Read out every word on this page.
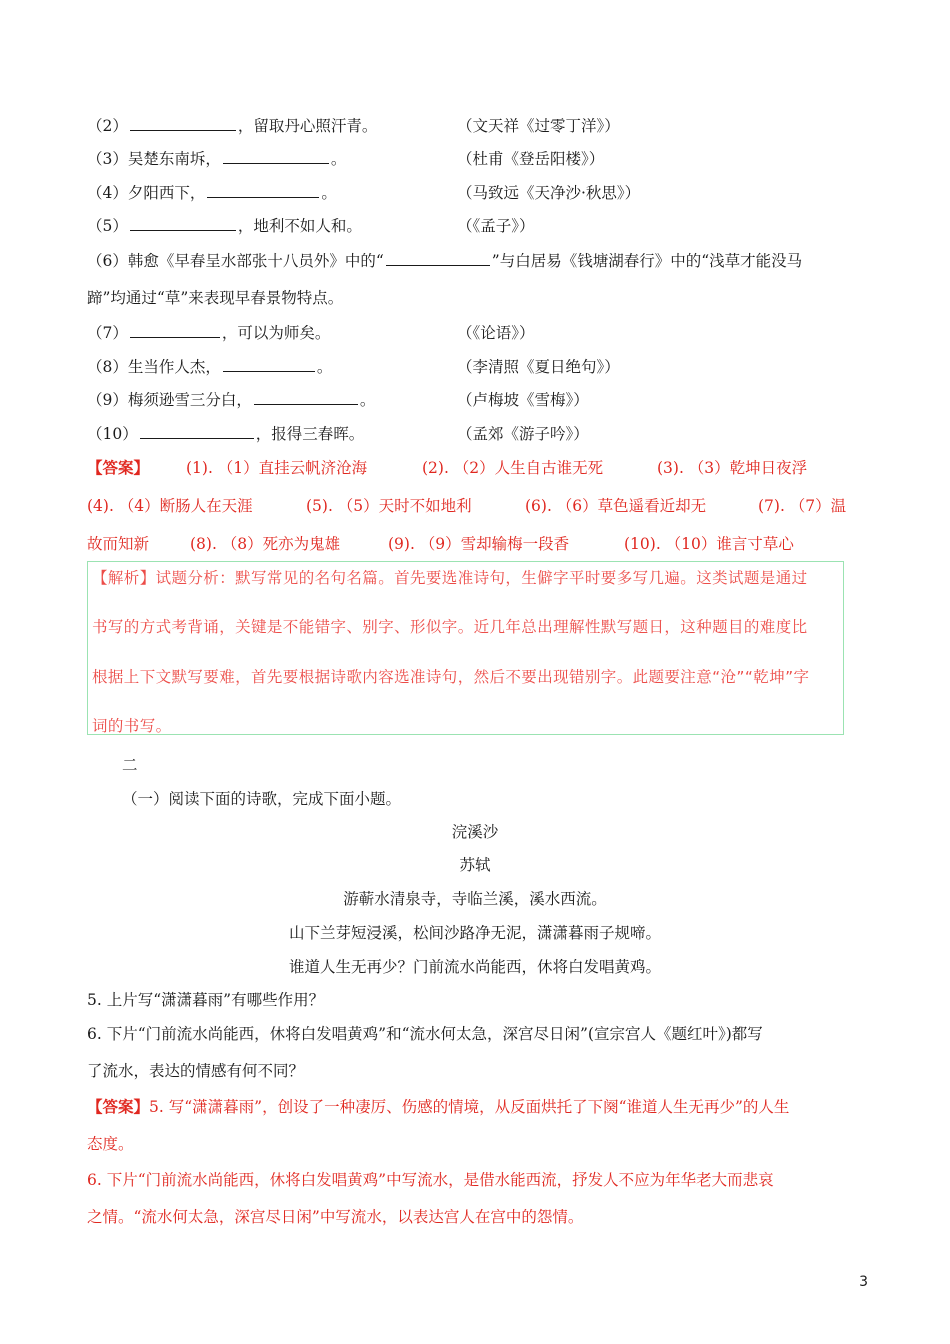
（2）	，留取丹心照汗青。	（文天祥《过零丁洋》）
（3）吴楚东南坼，	。	（杜甫《登岳阳楼》）
（4）夕阳西下，	。	（马致远《天净沙·秋思》）
（5）	，地利不如人和。	（《孟子》）
（6）韩愈《早春呈水部张十八员外》中的“	”与白居易《钱塘湖春行》中的“浅草才能没马
蹄”均通过“草”来表现早春景物特点。
（7）	，可以为师矣。	（《论语》）
（8）生当作人杰，	。	（李清照《夏日绝句》）
（9）梅须逊雪三分白，	。	（卢梅坡《雪梅》）
（10）	，报得三春晖。	（孟郊《游子吟》）
【答案】 (1). （1）直挂云帆济沧海	(2). （2）人生自古谁无死	(3). （3）乾坤日夜浮
(4). （4）断肠人在天涯	(5). （5）天时不如地利	(6). （6）草色遥看近却无	(7). （7）温
故而知新	(8). （8）死亦为鬼雄	(9). （9）雪却输梅一段香	(10). （10）谁言寸草心
【解析】试题分析：默写常见的名句名篇。首先要选准诗句，生僻字平时要多写几遍。这类试题是通过
书写的方式考背诵，关键是不能错字、别字、形似字。近几年总出理解性默写题日，这种题目的难度比
根据上下文默写要难，首先要根据诗歌内容选准诗句，然后不要出现错别字。此题要注意“沧”“乾坤”字
词的书写。
二
（一）阅读下面的诗歌，完成下面小题。
浣溪沙
苏轼
游蕲水清泉寺，寺临兰溪，溪水西流。
山下兰芽短浸溪，松间沙路净无泥，潇潇暮雨子规啼。
谁道人生无再少？门前流水尚能西，休将白发唱黄鸡。
5. 上片写“潇潇暮雨”有哪些作用？
6. 下片“门前流水尚能西，休将白发唱黄鸡”和“流水何太急，深宫尽日闲”(宣宗宫人《题红叶》)都写
了流水，表达的情感有何不同？
【答案】5. 写“潇潇暮雨”，创设了一种凄厉、伤感的情境，从反面烘托了下阕“谁道人生无再少”的人生
态度。
6. 下片“门前流水尚能西，休将白发唱黄鸡”中写流水，是借水能西流，抒发人不应为年华老大而悲哀
之情。“流水何太急，深宫尽日闲”中写流水，以表达宫人在宫中的怨情。
3
